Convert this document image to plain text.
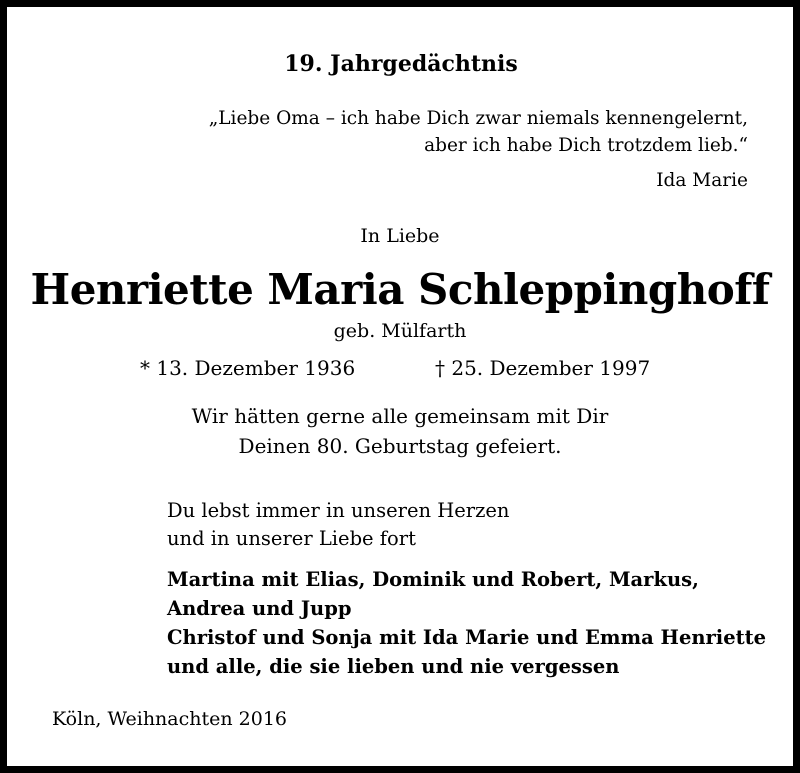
19. Jahrgedächtnis
„Liebe Oma – ich habe Dich zwar niemals kennengelernt,
aber ich habe Dich trotzdem lieb.“
Ida Marie
In Liebe
Henriette Maria Schleppinghoff
geb. Mülfarth
* 13. Dezember 1936	† 25. Dezember 1997
Wir hätten gerne alle gemeinsam mit Dir
Deinen 80. Geburtstag gefeiert.
Du lebst immer in unseren Herzen
und in unserer Liebe fort
Martina mit Elias, Dominik und Robert, Markus,
Andrea und Jupp
Christof und Sonja mit Ida Marie und Emma Henriette
und alle, die sie lieben und nie vergessen
Köln, Weihnachten 2016
